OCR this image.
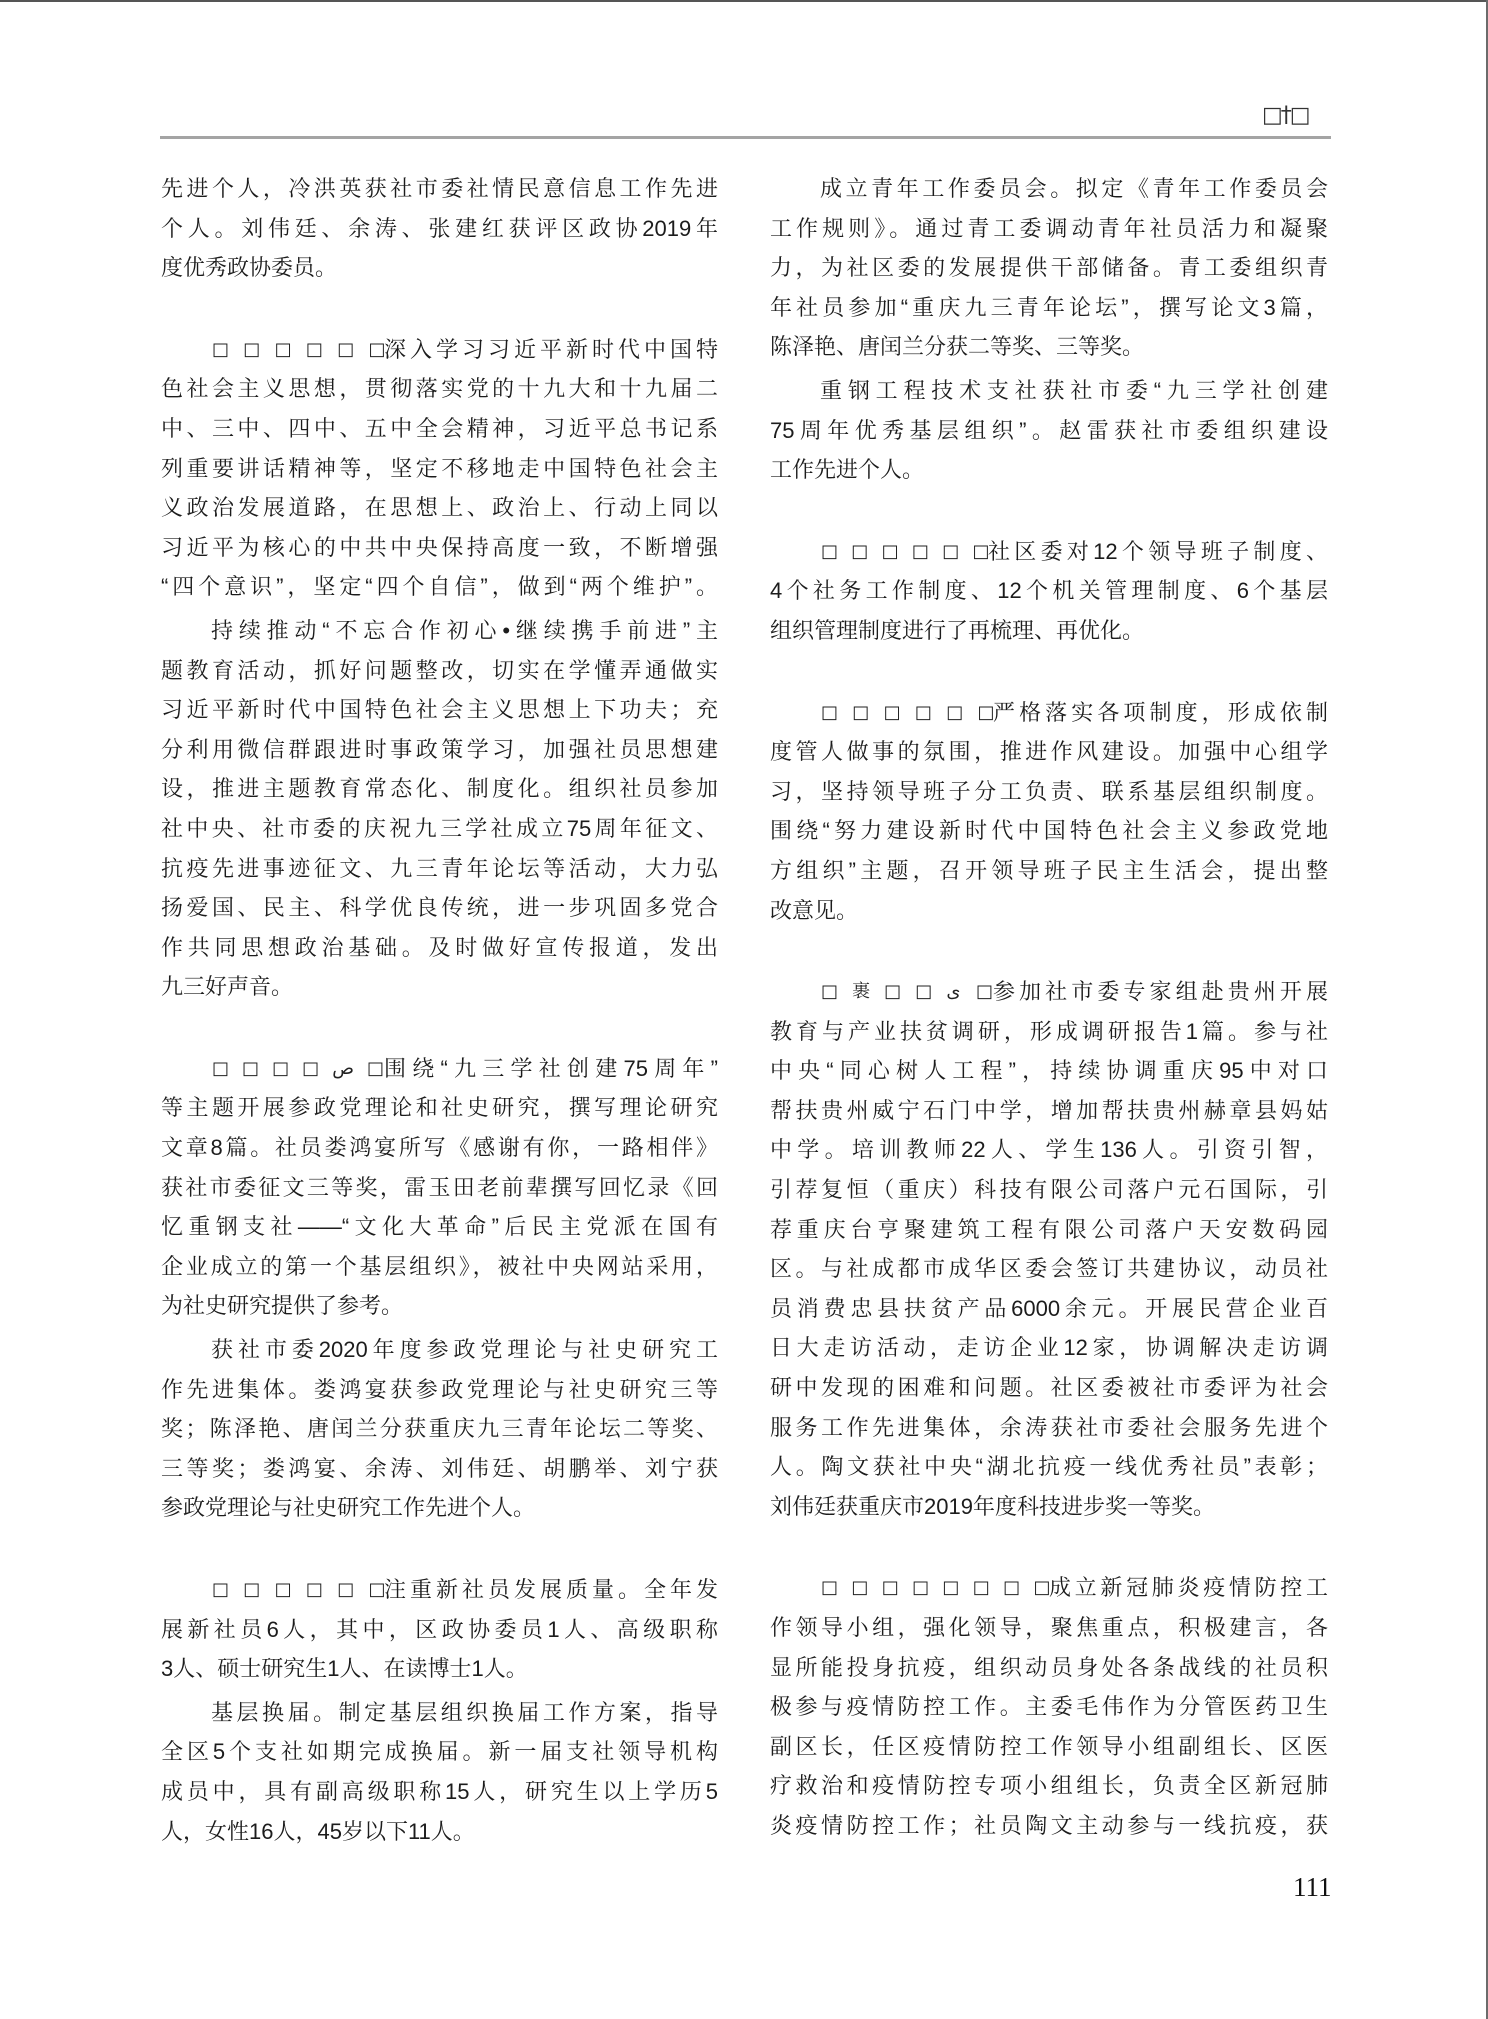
□†□
先进个人，冷洪英获社市委社情民意信息工作先进
个人。刘伟廷、余涛、张建红获评区政协2019年
度优秀政协委员。
□□□□□□ 深入学习习近平新时代中国特
色社会主义思想，贯彻落实党的十九大和十九届二
中、三中、四中、五中全会精神，习近平总书记系
列重要讲话精神等，坚定不移地走中国特色社会主
义政治发展道路，在思想上、政治上、行动上同以
习近平为核心的中共中央保持高度一致，不断增强
“四个意识”，坚定“四个自信”，做到“两个维护”。
持续推动“不忘合作初心•继续携手前进”主
题教育活动，抓好问题整改，切实在学懂弄通做实
习近平新时代中国特色社会主义思想上下功夫；充
分利用微信群跟进时事政策学习，加强社员思想建
设，推进主题教育常态化、制度化。组织社员参加
社中央、社市委的庆祝九三学社成立75周年征文、
抗疫先进事迹征文、九三青年论坛等活动，大力弘
扬爱国、民主、科学优良传统，进一步巩固多党合
作共同思想政治基础。及时做好宣传报道，发出
九三好声音。
□□□□ص□ 围绕“九三学社创建75周年”
等主题开展参政党理论和社史研究，撰写理论研究
文章8篇。社员娄鸿宴所写《感谢有你，一路相伴》
获社市委征文三等奖，雷玉田老前辈撰写回忆录《回
忆重钢支社——“文化大革命”后民主党派在国有
企业成立的第一个基层组织》，被社中央网站采用，
为社史研究提供了参考。
获社市委2020年度参政党理论与社史研究工
作先进集体。娄鸿宴获参政党理论与社史研究三等
奖；陈泽艳、唐闰兰分获重庆九三青年论坛二等奖、
三等奖；娄鸿宴、余涛、刘伟廷、胡鹏举、刘宁获
参政党理论与社史研究工作先进个人。
□□□□□□ 注重新社员发展质量。全年发
展新社员6人，其中，区政协委员1人、高级职称
3人、硕士研究生1人、在读博士1人。
基层换届。制定基层组织换届工作方案，指导
全区5个支社如期完成换届。新一届支社领导机构
成员中，具有副高级职称15人，研究生以上学历5
人，女性16人，45岁以下11人。
成立青年工作委员会。拟定《青年工作委员会
工作规则》。通过青工委调动青年社员活力和凝聚
力，为社区委的发展提供干部储备。青工委组织青
年社员参加“重庆九三青年论坛”，撰写论文3篇，
陈泽艳、唐闰兰分获二等奖、三等奖。
重钢工程技术支社获社市委“九三学社创建
75周年优秀基层组织”。赵雷获社市委组织建设
工作先进个人。
□□□□□□ 社区委对12个领导班子制度、
4个社务工作制度、12个机关管理制度、6个基层
组织管理制度进行了再梳理、再优化。
□□□□□□ 严格落实各项制度，形成依制
度管人做事的氛围，推进作风建设。加强中心组学
习，坚持领导班子分工负责、联系基层组织制度。
围绕“努力建设新时代中国特色社会主义参政党地
方组织”主题，召开领导班子民主生活会，提出整
改意见。
□裹□□ى□ 参加社市委专家组赴贵州开展
教育与产业扶贫调研，形成调研报告1篇。参与社
中央“同心树人工程”，持续协调重庆95中对口
帮扶贵州威宁石门中学，增加帮扶贵州赫章县妈姑
中学。培训教师22人、学生136人。引资引智，
引荐复恒（重庆）科技有限公司落户元石国际，引
荐重庆台亨聚建筑工程有限公司落户天安数码园
区。与社成都市成华区委会签订共建协议，动员社
员消费忠县扶贫产品6000余元。开展民营企业百
日大走访活动，走访企业12家，协调解决走访调
研中发现的困难和问题。社区委被社市委评为社会
服务工作先进集体，余涛获社市委社会服务先进个
人。陶文获社中央“湖北抗疫一线优秀社员”表彰；
刘伟廷获重庆市2019年度科技进步奖一等奖。
□□□□□□□□ 成立新冠肺炎疫情防控工
作领导小组，强化领导，聚焦重点，积极建言，各
显所能投身抗疫，组织动员身处各条战线的社员积
极参与疫情防控工作。主委毛伟作为分管医药卫生
副区长，任区疫情防控工作领导小组副组长、区医
疗救治和疫情防控专项小组组长，负责全区新冠肺
炎疫情防控工作；社员陶文主动参与一线抗疫，获
111
